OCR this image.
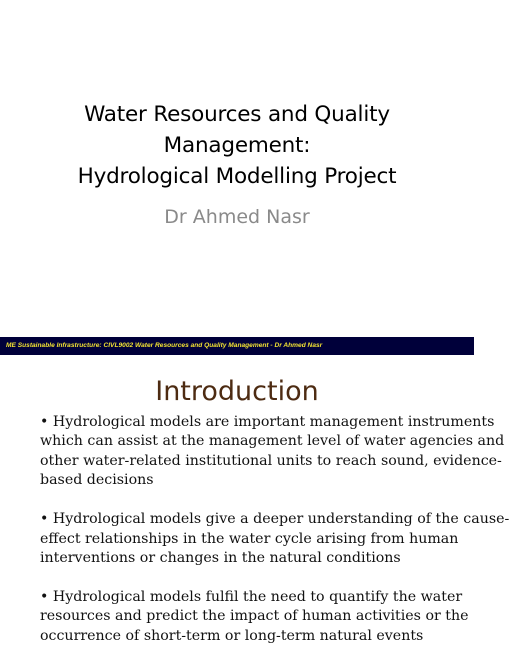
Water Resources and Quality
Management:
Hydrological Modelling Project
Dr Ahmed Nasr
ME Sustainable Infrastructure: CIVL9002 Water Resources and Quality Management - Dr Ahmed Nasr
Introduction
• Hydrological models are important management instruments
which can assist at the management level of water agencies and
other water-related institutional units to reach sound, evidence-
based decisions
• Hydrological models give a deeper understanding of the cause-
effect relationships in the water cycle arising from human
interventions or changes in the natural conditions
• Hydrological models fulfil the need to quantify the water
resources and predict the impact of human activities or the
occurrence of short-term or long-term natural events
